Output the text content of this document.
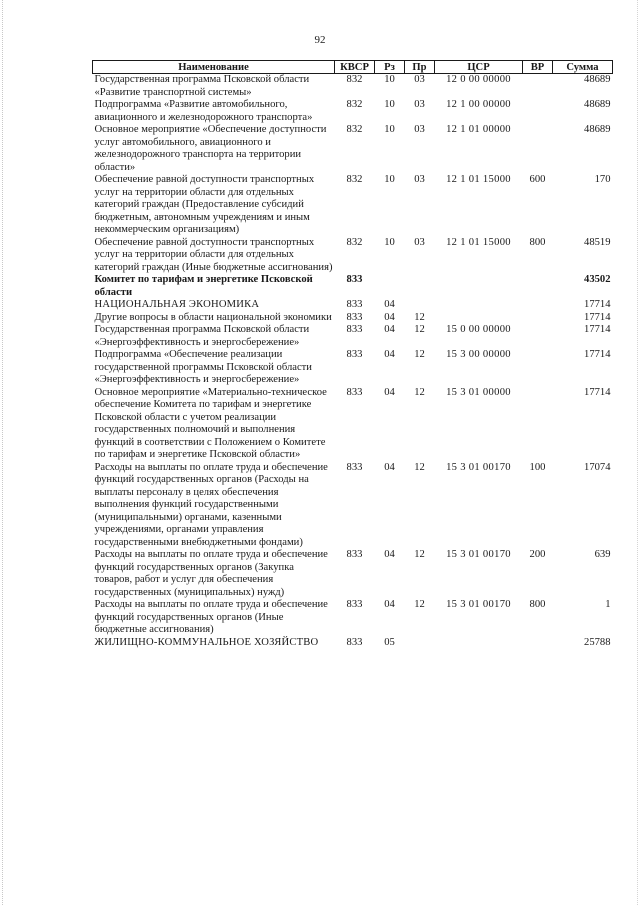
92
Наименование	КВСР	Рз	Пр	ЦСР	ВР	Сумма
Государственная программа Псковской области «Развитие транспортной системы»	832	10	03	12 0 00 00000		48689
Подпрограмма «Развитие автомобильного, авиационного и железнодорожного транспорта»	832	10	03	12 1 00 00000		48689
Основное мероприятие «Обеспечение доступности услуг автомобильного, авиационного и железнодорожного транспорта на территории области»	832	10	03	12 1 01 00000		48689
Обеспечение равной доступности транспортных услуг на территории области для отдельных категорий граждан (Предоставление субсидий бюджетным, автономным учреждениям и иным некоммерческим организациям)	832	10	03	12 1 01 15000	600	170
Обеспечение равной доступности транспортных услуг на территории области для отдельных категорий граждан (Иные бюджетные ассигнования)	832	10	03	12 1 01 15000	800	48519
Комитет по тарифам и энергетике Псковской области	833					43502
НАЦИОНАЛЬНАЯ ЭКОНОМИКА	833	04				17714
Другие вопросы в области национальной экономики	833	04	12			17714
Государственная программа Псковской области «Энергоэффективность и энергосбережение»	833	04	12	15 0 00 00000		17714
Подпрограмма «Обеспечение реализации государственной программы Псковской области «Энергоэффективность и энергосбережение»	833	04	12	15 3 00 00000		17714
Основное мероприятие «Материально-техническое обеспечение Комитета по тарифам и энергетике Псковской области с учетом реализации государственных полномочий и выполнения функций в соответствии с Положением о Комитете по тарифам и энергетике Псковской области»	833	04	12	15 3 01 00000		17714
Расходы на выплаты по оплате труда и обеспечение функций государственных органов (Расходы на выплаты персоналу в целях обеспечения выполнения функций государственными (муниципальными) органами, казенными учреждениями, органами управления государственными внебюджетными фондами)	833	04	12	15 3 01 00170	100	17074
Расходы на выплаты по оплате труда и обеспечение функций государственных органов (Закупка товаров, работ и услуг для обеспечения государственных (муниципальных) нужд)	833	04	12	15 3 01 00170	200	639
Расходы на выплаты по оплате труда и обеспечение функций государственных органов (Иные бюджетные ассигнования)	833	04	12	15 3 01 00170	800	1
ЖИЛИЩНО-КОММУНАЛЬНОЕ ХОЗЯЙСТВО	833	05				25788
